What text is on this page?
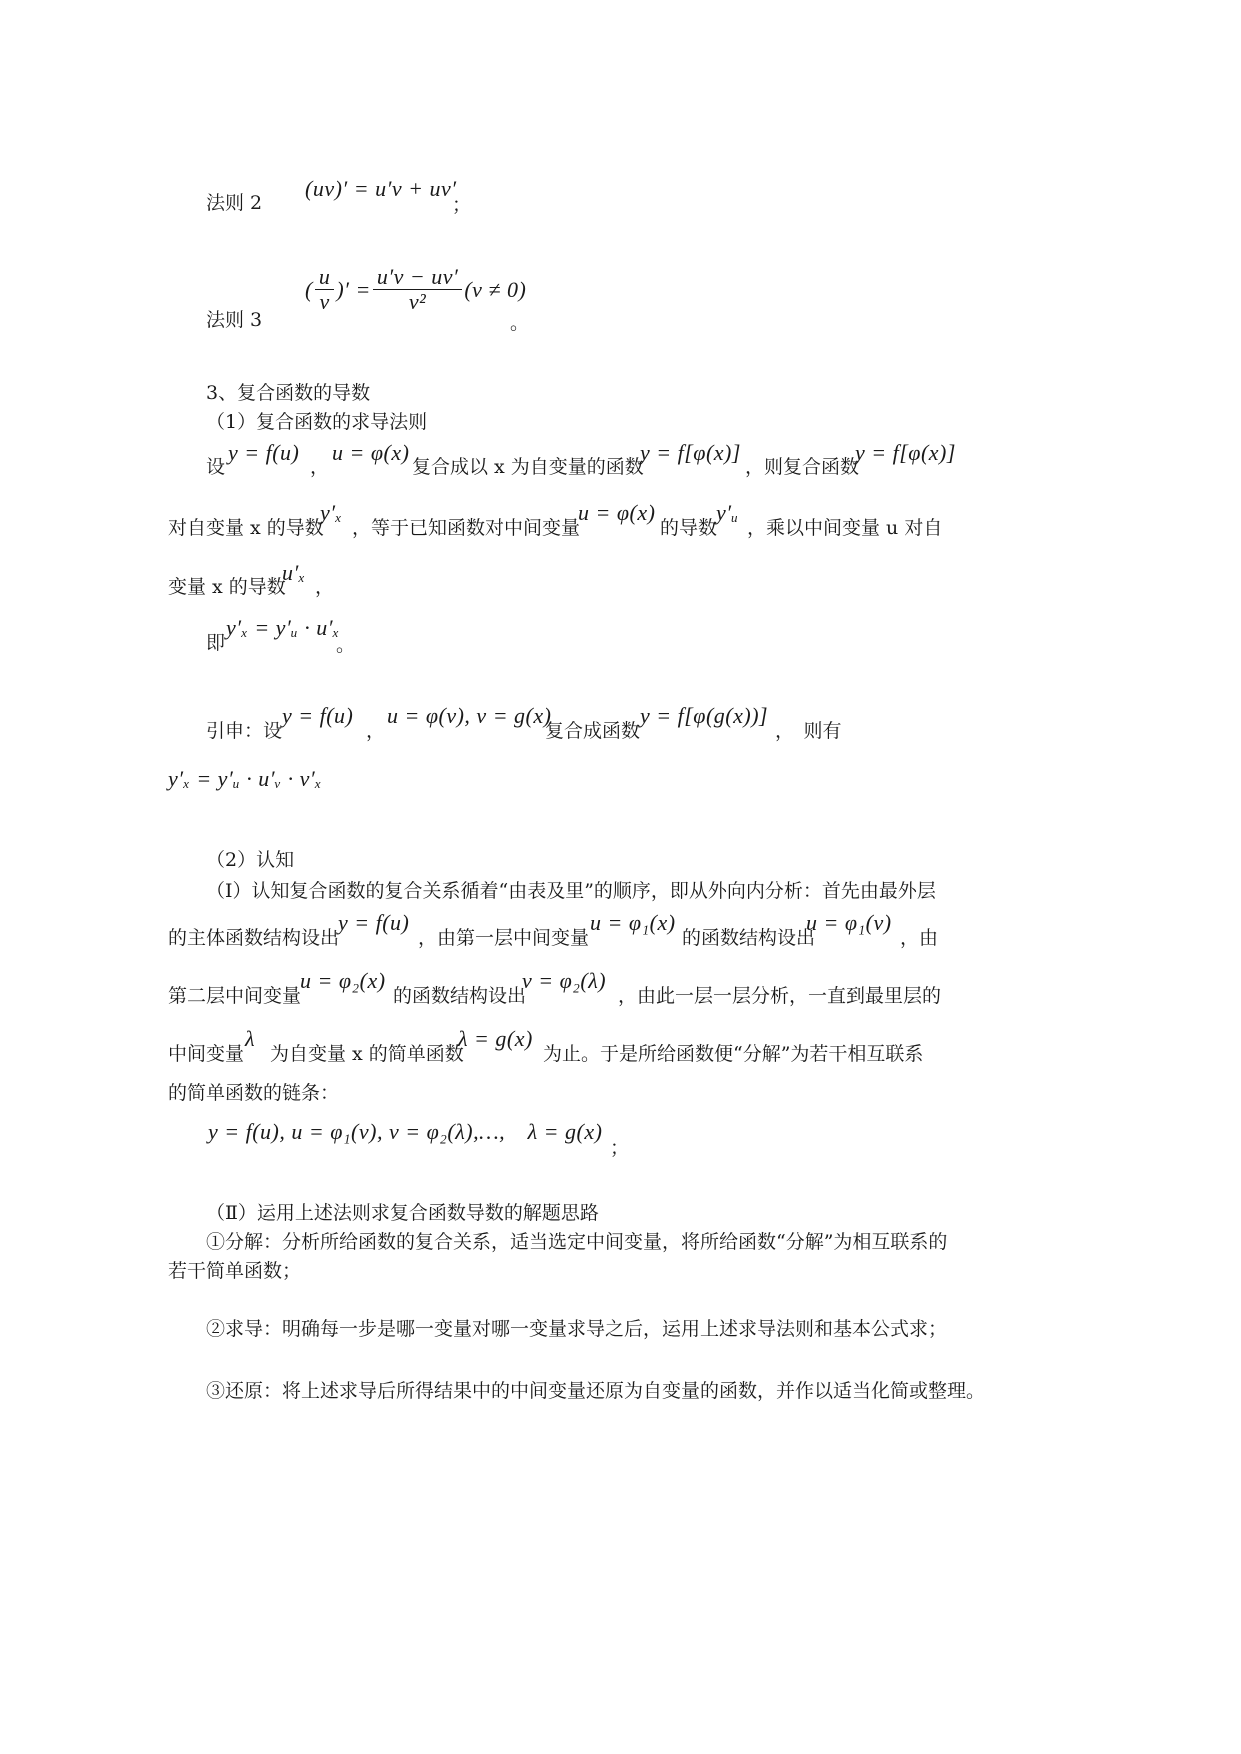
法则 2
(uv)′ = u′v + uv′
；
法则 3
( $\frac{u}{v}$ )′ = $\frac{u'v - uv'}{\text{v²}} (v \ne 0)$
。
3、复合函数的导数
（1）复合函数的求导法则
设
y = f(u)
，
u = φ(x)
复合成以 x 为自变量的函数
y = f[φ(x)]
，则复合函数
y = f[φ(x)]
对自变量 x 的导数
y′ₓ
，等于已知函数对中间变量
u = φ(x)
的导数
y′ᵤ
，乘以中间变量 u 对自
变量 x 的导数
u′ₓ
，
即
y′ₓ = y′ᵤ · u′ₓ
。
引申：设
y = f(u)
，
u = φ(v), v = g(x)
复合成函数
y = f[φ(g(x))]
，　则有
y′ₓ = y′ᵤ · u′ᵥ · v′ₓ
（2）认知
（Ⅰ）认知复合函数的复合关系循着“由表及里”的顺序，即从外向内分析：首先由最外层
的主体函数结构设出
y = f(u)
，由第一层中间变量
u = φ₁(x)
的函数结构设出
u = φ₁(v)
，由
第二层中间变量
u = φ₂(x)
的函数结构设出
v = φ₂(λ)
，由此一层一层分析，一直到最里层的
中间变量
λ
为自变量 x 的简单函数
λ = g(x)
为止。于是所给函数便“分解”为若干相互联系
的简单函数的链条：
y = f(u), u = φ₁(v), v = φ₂(λ),…,　λ = g(x)
；
（Ⅱ）运用上述法则求复合函数导数的解题思路
①分解：分析所给函数的复合关系，适当选定中间变量，将所给函数“分解”为相互联系的
若干简单函数；
②求导：明确每一步是哪一变量对哪一变量求导之后，运用上述求导法则和基本公式求；
③还原：将上述求导后所得结果中的中间变量还原为自变量的函数，并作以适当化简或整理。
